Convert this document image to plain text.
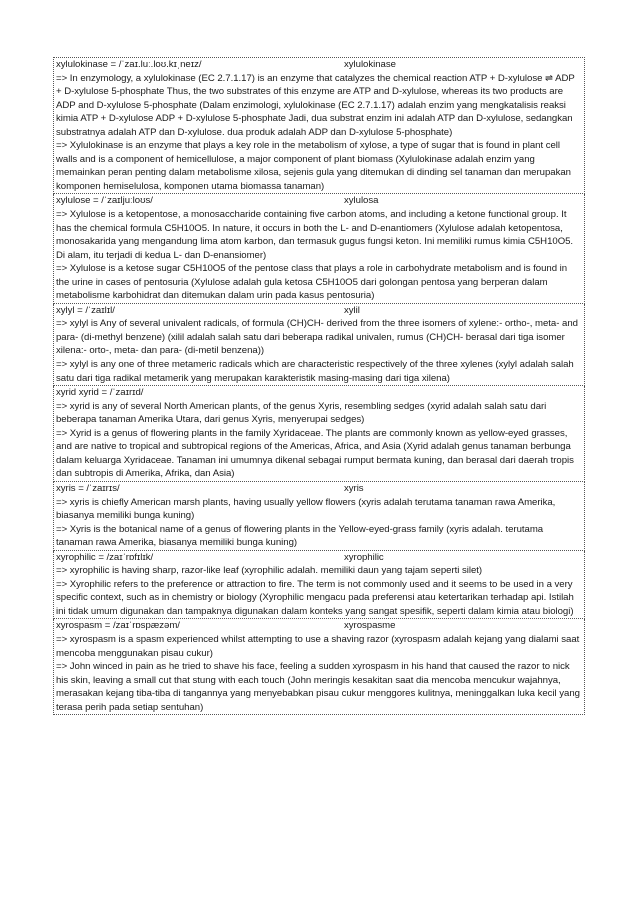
xylulokinase = /ˈzaɪ.luː.loʊ.kɪˌneɪz/	xylulokinase

=> In enzymology, a xylulokinase (EC 2.7.1.17) is an enzyme that catalyzes the chemical reaction ATP + D-xylulose ⇌ ADP + D-xylulose 5-phosphate Thus, the two substrates of this enzyme are ATP and D-xylulose, whereas its two products are ADP and D-xylulose 5-phosphate (Dalam enzimologi, xylulokinase (EC 2.7.1.17) adalah enzim yang mengkatalisis reaksi kimia ATP + D-xylulose ADP + D-xylulose 5-phosphate Jadi, dua substrat enzim ini adalah ATP dan D-xylulose, sedangkan substratnya adalah ATP dan D-xylulose. dua produk adalah ADP dan D-xylulose 5-phosphate)

=> Xylulokinase is an enzyme that plays a key role in the metabolism of xylose, a type of sugar that is found in plant cell walls and is a component of hemicellulose, a major component of plant biomass (Xylulokinase adalah enzim yang memainkan peran penting dalam metabolisme xilosa, sejenis gula yang ditemukan di dinding sel tanaman dan merupakan komponen hemiselulosa, komponen utama biomassa tanaman)

xylulose = /ˈzaɪljuːloʊs/	xylulosa

=> Xylulose is a ketopentose, a monosaccharide containing five carbon atoms, and including a ketone functional group. It has the chemical formula C5H10O5. In nature, it occurs in both the L- and D-enantiomers (Xylulose adalah ketopentosa, monosakarida yang mengandung lima atom karbon, dan termasuk gugus fungsi keton. Ini memiliki rumus kimia C5H10O5. Di alam, itu terjadi di kedua L- dan D-enansiomer)

=> Xylulose is a ketose sugar C5H10O5 of the pentose class that plays a role in carbohydrate metabolism and is found in the urine in cases of pentosuria (Xylulose adalah gula ketosa C5H10O5 dari golongan pentosa yang berperan dalam metabolisme karbohidrat dan ditemukan dalam urin pada kasus pentosuria)

xylyl = /ˈzaɪlɪl/	xylil

=> xylyl is Any of several univalent radicals, of formula (CH)CH- derived from the three isomers of xylene:- ortho-, meta- and para- (di-methyl benzene) (xilil adalah salah satu dari beberapa radikal univalen, rumus (CH)CH- berasal dari tiga isomer xilena:- orto-, meta- dan para- (di-metil benzena))

=> xylyl is any one of three metameric radicals which are characteristic respectively of the three xylenes (xylyl adalah salah satu dari tiga radikal metamerik yang merupakan karakteristik masing-masing dari tiga xilena)

xyrid xyrid = /ˈzaɪrɪd/

=> xyrid is any of several North American plants, of the genus Xyris, resembling sedges (xyrid adalah salah satu dari beberapa tanaman Amerika Utara, dari genus Xyris, menyerupai sedges)

=> Xyrid is a genus of flowering plants in the family Xyridaceae. The plants are commonly known as yellow-eyed grasses, and are native to tropical and subtropical regions of the Americas, Africa, and Asia (Xyrid adalah genus tanaman berbunga dalam keluarga Xyridaceae. Tanaman ini umumnya dikenal sebagai rumput bermata kuning, dan berasal dari daerah tropis dan subtropis di Amerika, Afrika, dan Asia)

xyris = /ˈzaɪrɪs/	xyris

=> xyris is chiefly American marsh plants, having usually yellow flowers (xyris adalah terutama tanaman rawa Amerika, biasanya memiliki bunga kuning)

=> Xyris is the botanical name of a genus of flowering plants in the Yellow-eyed-grass family (xyris adalah. terutama tanaman rawa Amerika, biasanya memiliki bunga kuning)

xyrophilic = /zaɪˈrɒfɪlɪk/	xyrophilic

=> xyrophilic is having sharp, razor-like leaf (xyrophilic adalah. memiliki daun yang tajam seperti silet)

=> Xyrophilic refers to the preference or attraction to fire. The term is not commonly used and it seems to be used in a very specific context, such as in chemistry or biology (Xyrophilic mengacu pada preferensi atau ketertarikan terhadap api. Istilah ini tidak umum digunakan dan tampaknya digunakan dalam konteks yang sangat spesifik, seperti dalam kimia atau biologi)

xyrospasm = /zaɪˈrɒspæzəm/	xyrospasme

=> xyrospasm is a spasm experienced whilst attempting to use a shaving razor (xyrospasm adalah kejang yang dialami saat mencoba menggunakan pisau cukur)

=> John winced in pain as he tried to shave his face, feeling a sudden xyrospasm in his hand that caused the razor to nick his skin, leaving a small cut that stung with each touch (John meringis kesakitan saat dia mencoba mencukur wajahnya, merasakan kejang tiba-tiba di tangannya yang menyebabkan pisau cukur menggores kulitnya, meninggalkan luka kecil yang terasa perih pada setiap sentuhan)
